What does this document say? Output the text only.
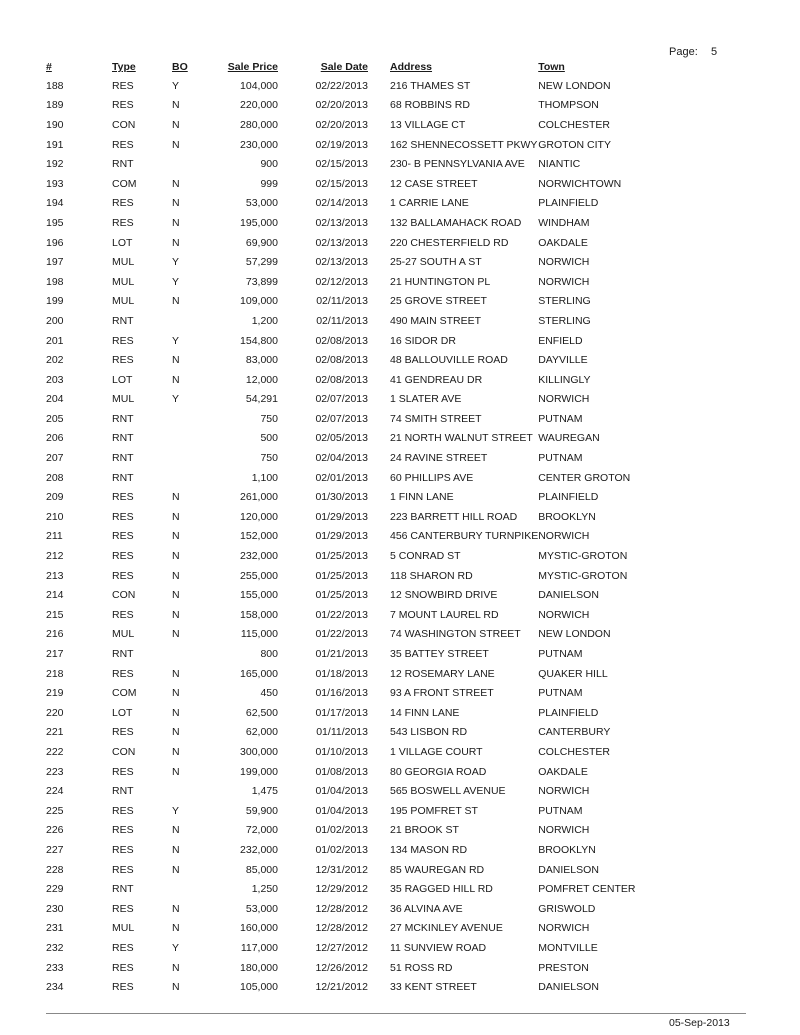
Page: 5
#	Type	BO	Sale Price	Sale Date	Address	Town
188	RES	Y	104,000	02/22/2013	216 THAMES ST	NEW LONDON
189	RES	N	220,000	02/20/2013	68 ROBBINS RD	THOMPSON
190	CON	N	280,000	02/20/2013	13 VILLAGE CT	COLCHESTER
191	RES	N	230,000	02/19/2013	162 SHENNECOSSETT PKWY	GROTON CITY
192	RNT		900	02/15/2013	230- B PENNSYLVANIA AVE	NIANTIC
193	COM	N	999	02/15/2013	12 CASE STREET	NORWICHTOWN
194	RES	N	53,000	02/14/2013	1 CARRIE LANE	PLAINFIELD
195	RES	N	195,000	02/13/2013	132 BALLAMAHACK ROAD	WINDHAM
196	LOT	N	69,900	02/13/2013	220 CHESTERFIELD RD	OAKDALE
197	MUL	Y	57,299	02/13/2013	25-27 SOUTH A ST	NORWICH
198	MUL	Y	73,899	02/12/2013	21 HUNTINGTON PL	NORWICH
199	MUL	N	109,000	02/11/2013	25 GROVE STREET	STERLING
200	RNT		1,200	02/11/2013	490 MAIN STREET	STERLING
201	RES	Y	154,800	02/08/2013	16 SIDOR DR	ENFIELD
202	RES	N	83,000	02/08/2013	48 BALLOUVILLE ROAD	DAYVILLE
203	LOT	N	12,000	02/08/2013	41 GENDREAU DR	KILLINGLY
204	MUL	Y	54,291	02/07/2013	1 SLATER AVE	NORWICH
205	RNT		750	02/07/2013	74 SMITH STREET	PUTNAM
206	RNT		500	02/05/2013	21 NORTH WALNUT STREET	WAUREGAN
207	RNT		750	02/04/2013	24 RAVINE STREET	PUTNAM
208	RNT		1,100	02/01/2013	60 PHILLIPS AVE	CENTER GROTON
209	RES	N	261,000	01/30/2013	1 FINN LANE	PLAINFIELD
210	RES	N	120,000	01/29/2013	223 BARRETT HILL ROAD	BROOKLYN
211	RES	N	152,000	01/29/2013	456 CANTERBURY TURNPIKE	NORWICH
212	RES	N	232,000	01/25/2013	5 CONRAD ST	MYSTIC-GROTON
213	RES	N	255,000	01/25/2013	118 SHARON RD	MYSTIC-GROTON
214	CON	N	155,000	01/25/2013	12 SNOWBIRD DRIVE	DANIELSON
215	RES	N	158,000	01/22/2013	7 MOUNT LAUREL RD	NORWICH
216	MUL	N	115,000	01/22/2013	74 WASHINGTON STREET	NEW LONDON
217	RNT		800	01/21/2013	35 BATTEY STREET	PUTNAM
218	RES	N	165,000	01/18/2013	12 ROSEMARY LANE	QUAKER HILL
219	COM	N	450	01/16/2013	93 A FRONT STREET	PUTNAM
220	LOT	N	62,500	01/17/2013	14 FINN LANE	PLAINFIELD
221	RES	N	62,000	01/11/2013	543 LISBON RD	CANTERBURY
222	CON	N	300,000	01/10/2013	1 VILLAGE COURT	COLCHESTER
223	RES	N	199,000	01/08/2013	80 GEORGIA ROAD	OAKDALE
224	RNT		1,475	01/04/2013	565 BOSWELL AVENUE	NORWICH
225	RES	Y	59,900	01/04/2013	195 POMFRET ST	PUTNAM
226	RES	N	72,000	01/02/2013	21 BROOK ST	NORWICH
227	RES	N	232,000	01/02/2013	134 MASON RD	BROOKLYN
228	RES	N	85,000	12/31/2012	85 WAUREGAN RD	DANIELSON
229	RNT		1,250	12/29/2012	35 RAGGED HILL RD	POMFRET CENTER
230	RES	N	53,000	12/28/2012	36 ALVINA AVE	GRISWOLD
231	MUL	N	160,000	12/28/2012	27 MCKINLEY AVENUE	NORWICH
232	RES	Y	117,000	12/27/2012	11 SUNVIEW ROAD	MONTVILLE
233	RES	N	180,000	12/26/2012	51 ROSS RD	PRESTON
234	RES	N	105,000	12/21/2012	33 KENT STREET	DANIELSON
05-Sep-2013
